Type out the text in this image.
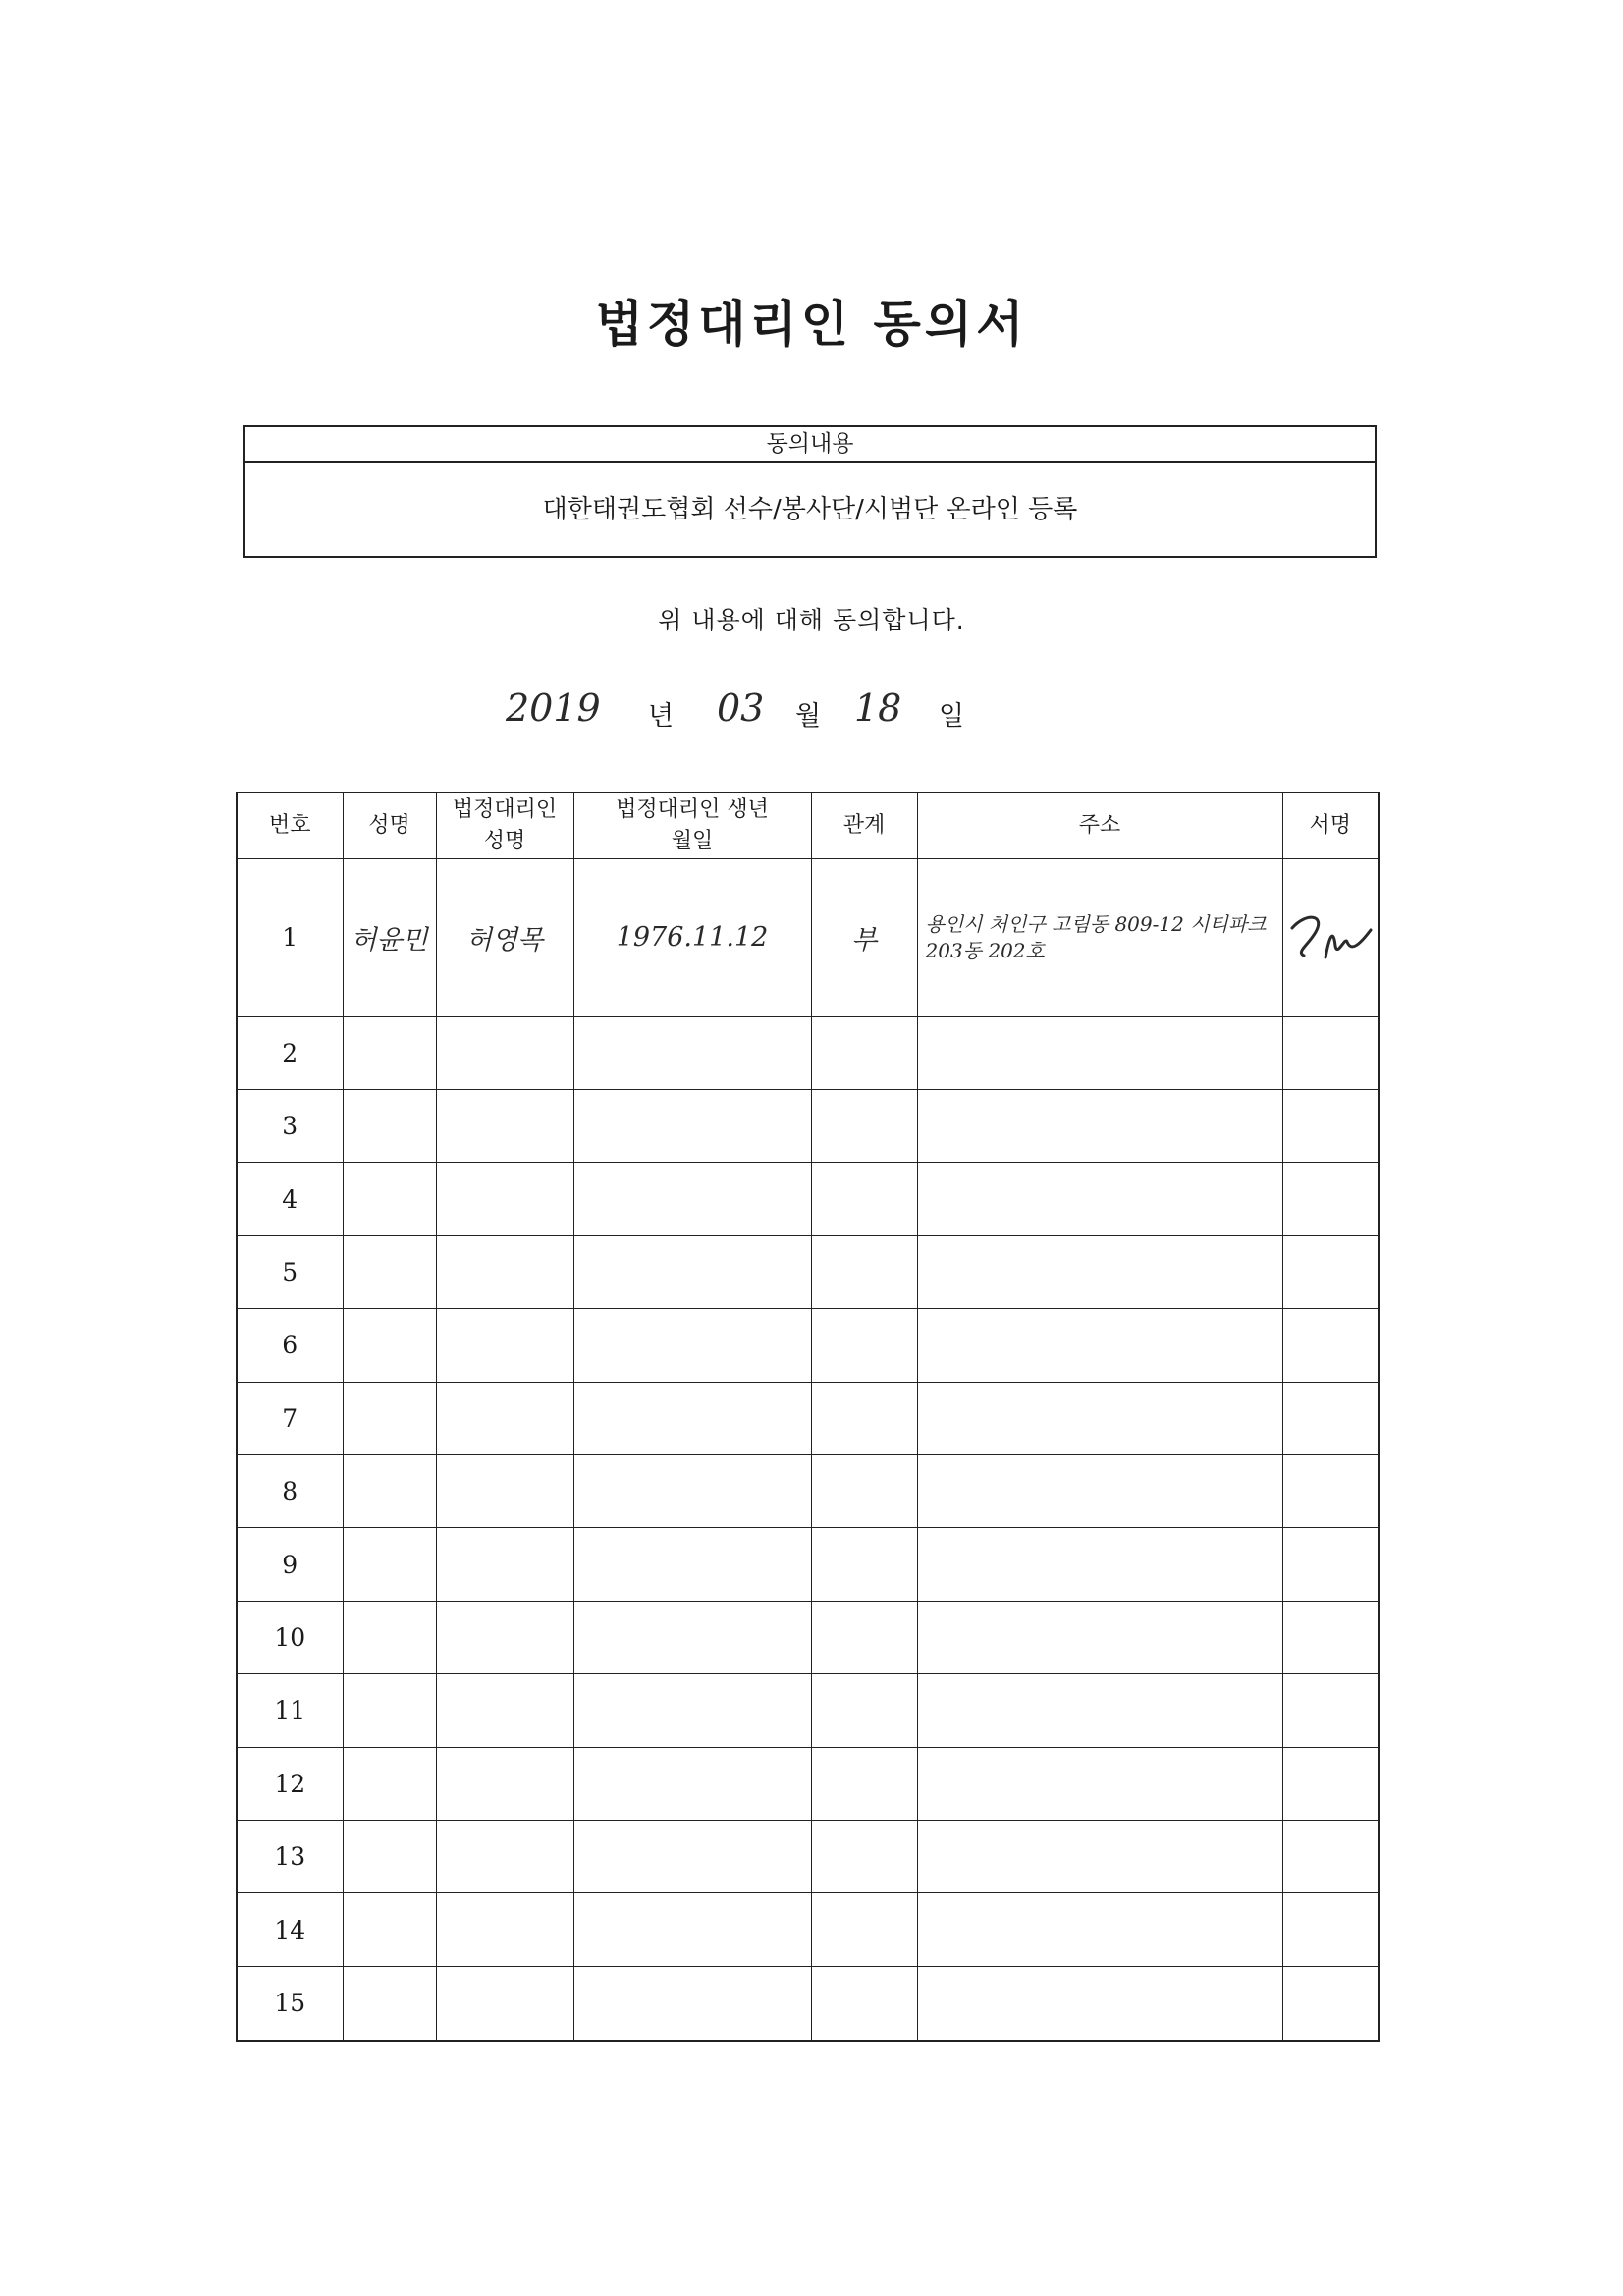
법정대리인 동의서
동의내용
대한태권도협회 선수/봉사단/시범단 온라인 등록
위 내용에 대해 동의합니다.
2019 년 03 월 18 일
번호	성명	법정대리인 성명	법정대리인 생년월일	관계	주소	서명
1	허윤민	허영목	1976.11.12	부	용인시 처인구 고림동 809-12 시티파크 203동 202호	
2						
3						
4						
5						
6						
7						
8						
9						
10						
11						
12						
13						
14						
15						
